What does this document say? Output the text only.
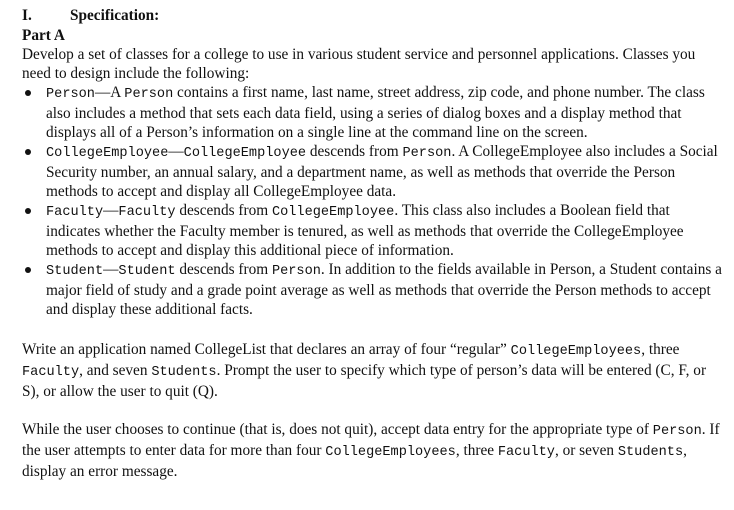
I. Specification:
Part A

Develop a set of classes for a college to use in various student service and personnel applications. Classes you need to design include the following:

Person—A Person contains a first name, last name, street address, zip code, and phone number. The class also includes a method that sets each data field, using a series of dialog boxes and a display method that displays all of a Person’s information on a single line at the command line on the screen.
CollegeEmployee—CollegeEmployee descends from Person. A CollegeEmployee also includes a Social Security number, an annual salary, and a department name, as well as methods that override the Person methods to accept and display all CollegeEmployee data.
Faculty—Faculty descends from CollegeEmployee. This class also includes a Boolean field that indicates whether the Faculty member is tenured, as well as methods that override the CollegeEmployee methods to accept and display this additional piece of information.
Student—Student descends from Person. In addition to the fields available in Person, a Student contains a major field of study and a grade point average as well as methods that override the Person methods to accept and display these additional facts.

Write an application named CollegeList that declares an array of four “regular” CollegeEmployees, three Faculty, and seven Students. Prompt the user to specify which type of person’s data will be entered (C, F, or S), or allow the user to quit (Q).

While the user chooses to continue (that is, does not quit), accept data entry for the appropriate type of Person. If the user attempts to enter data for more than four CollegeEmployees, three Faculty, or seven Students, display an error message.
